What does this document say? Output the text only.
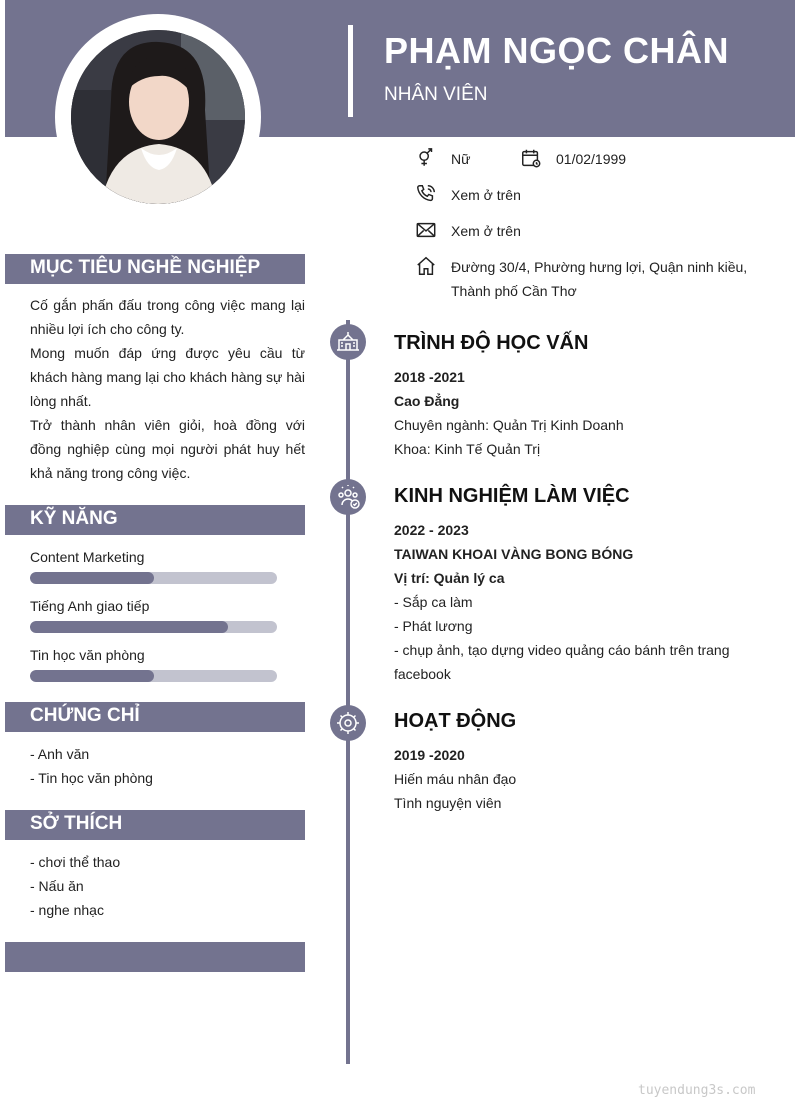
PHẠM NGỌC CHÂN
NHÂN VIÊN
Nữ	01/02/1999
Xem ở trên
Xem ở trên
Đường 30/4, Phường hưng lợi, Quận ninh kiều,
Thành phố Cần Thơ
MỤC TIÊU NGHỀ NGHIỆP

Cố gắn phấn đấu trong công việc mang lại nhiều lợi ích cho công ty.

Mong muốn đáp ứng được yêu cầu từ khách hàng mang lại cho khách hàng sự hài lòng nhất.

Trở thành nhân viên giỏi, hoà đồng với đồng nghiệp cùng mọi người phát huy hết khả năng trong công việc.

KỸ NĂNG
Content Marketing
Tiếng Anh giao tiếp
Tin học văn phòng
CHỨNG CHỈ
- Anh văn
- Tin học văn phòng
SỞ THÍCH
- chơi thể thao
- Nấu ăn
- nghe nhạc
TRÌNH ĐỘ HỌC VẤN
2018 -2021
Cao Đẳng
Chuyên ngành: Quản Trị Kinh Doanh
Khoa: Kinh Tế Quản Trị
KINH NGHIỆM LÀM VIỆC
2022 - 2023
TAIWAN KHOAI VÀNG BONG BÓNG
Vị trí: Quản lý ca
- Sắp ca làm
- Phát lương
- chụp ảnh, tạo dựng video quảng cáo bánh trên trang
facebook
HOẠT ĐỘNG
2019 -2020
Hiến máu nhân đạo
Tình nguyện viên
tuyendung3s.com
